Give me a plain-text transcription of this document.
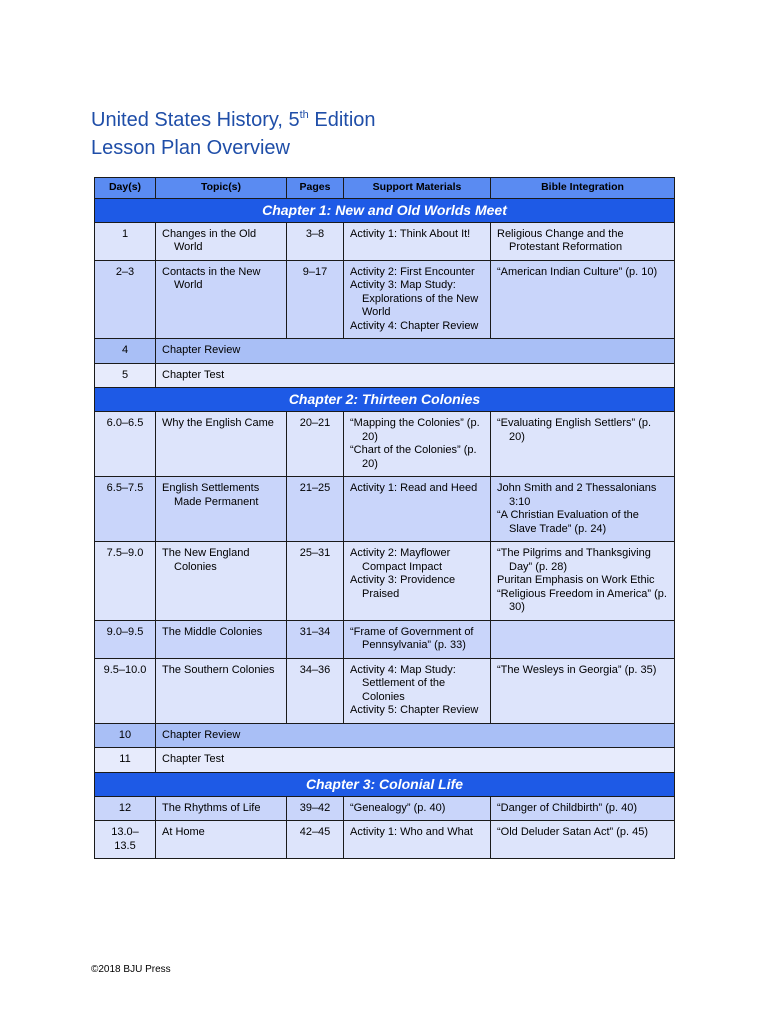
United States History, 5th Edition
Lesson Plan Overview
Day(s)	Topic(s)	Pages	Support Materials	Bible Integration
Chapter 1: New and Old Worlds Meet				
1	Changes in the Old World	3–8	Activity 1: Think About It!	Religious Change and the Protestant Reformation

2–3	Contacts in the New World	9–17	Activity 2: First Encounter
Activity 3: Map Study: Explorations of the New World
Activity 4: Chapter Review	“American Indian Culture” (p. 10)

4	Chapter Review			
5	Chapter Test			
Chapter 2: Thirteen Colonies				
6.0–6.5	Why the English Came	20–21	“Mapping the Colonies” (p. 20)
“Chart of the Colonies” (p. 20)	“Evaluating English Settlers” (p. 20)

6.5–7.5	English Settlements Made Permanent	21–25	Activity 1: Read and Heed	John Smith and 2 Thessalonians 3:10
“A Christian Evaluation of the Slave Trade” (p. 24)

7.5–9.0	The New England Colonies	25–31	Activity 2: Mayflower Compact Impact
Activity 3: Providence Praised	“The Pilgrims and Thanksgiving Day” (p. 28)
Puritan Emphasis on Work Ethic
“Religious Freedom in America” (p. 30)

9.0–9.5	The Middle Colonies	31–34	“Frame of Government of Pennsylvania” (p. 33)	

9.5–10.0	The Southern Colonies	34–36	Activity 4: Map Study: Settlement of the Colonies
Activity 5: Chapter Review	“The Wesleys in Georgia” (p. 35)

10	Chapter Review			
11	Chapter Test			
Chapter 3: Colonial Life				
12	The Rhythms of Life	39–42	“Genealogy” (p. 40)	“Danger of Childbirth” (p. 40)

13.0–13.5	At Home	42–45	Activity 1: Who and What	“Old Deluder Satan Act” (p. 45)
©2018 BJU Press
